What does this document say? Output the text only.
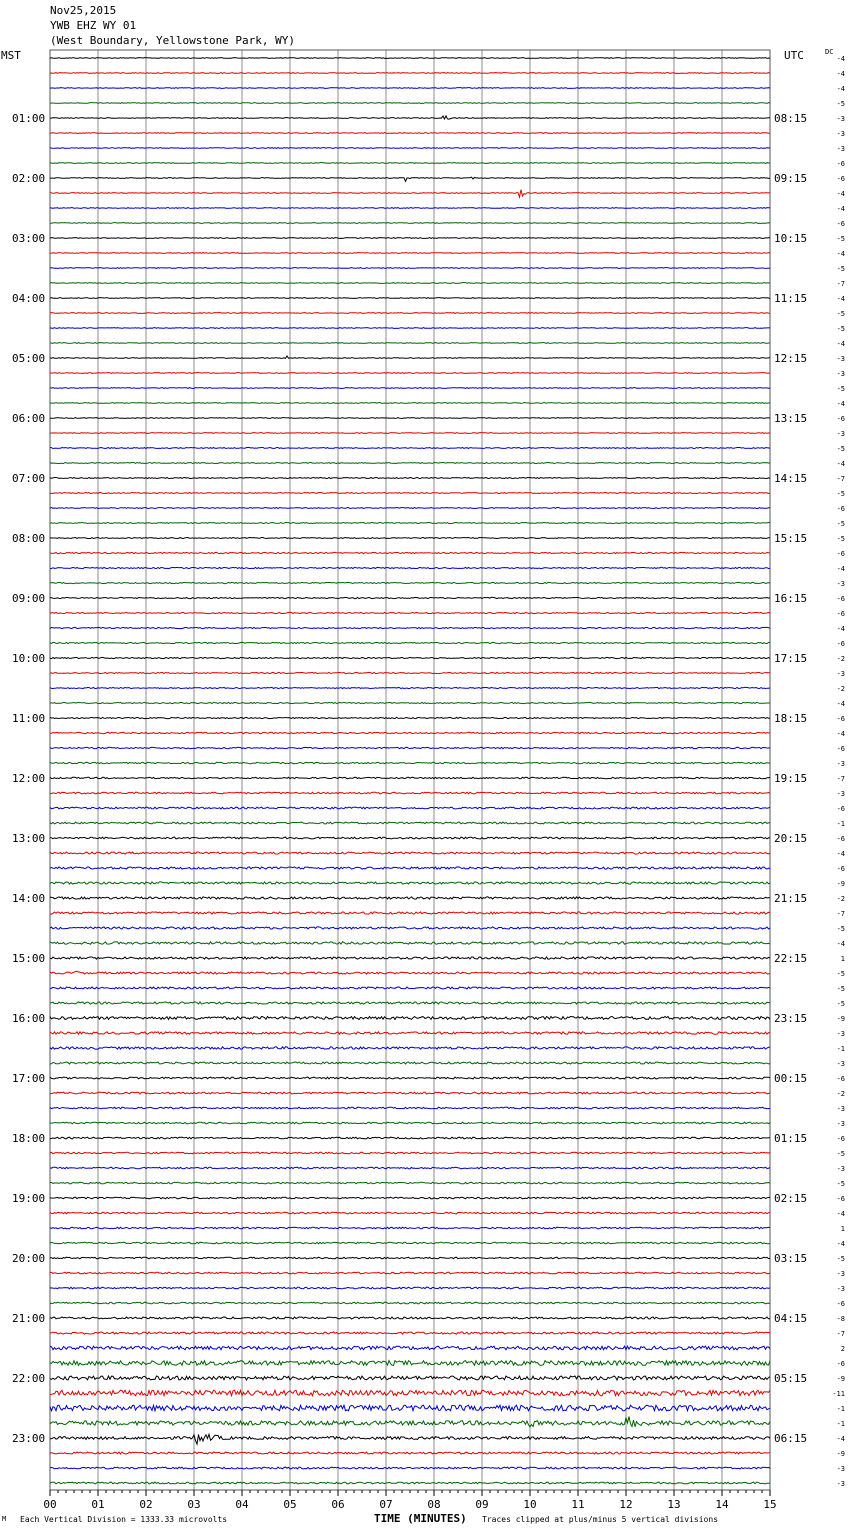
00	01	02	03	04	05	06	07	08	09	10	11	12	13	14	15
01:00
02:00
03:00
04:00
05:00
06:00
07:00
08:00
09:00
10:00
11:00
12:00
13:00
14:00
15:00
16:00
17:00
18:00
19:00
20:00
21:00
22:00
23:00
08:15
09:15
10:15
11:15
12:15
13:15
14:15
15:15
16:15
17:15
18:15
19:15
20:15
21:15
22:15
23:15
00:15
01:15
02:15
03:15
04:15
05:15
06:15
-4
-4
-4
-5
-3
-3
-3
-6
-6
-4
-4
-6
-5
-4
-5
-7
-4
-5
-5
-4
-3
-3
-5
-4
-6
-3
-5
-4
-7
-5
-6
-5
-5
-6
-4
-3
-6
-6
-4
-6
-2
-3
-2
-4
-6
-4
-6
-3
-7
-3
-6
-1
-6
-4
-6
-9
-2
-7
-5
-4
1
-5
-5
-5
-9
-3
-1
-3
-6
-2
-3
-3
-6
-5
-3
-5
-6
-4
1
-4
-5
-3
-3
-6
-8
-7
2
-6
-9
-11
-1
-1
-4
-9
-3
-3
Nov25,2015
YWB EHZ WY 01
(West Boundary, Yellowstone Park, WY)
MST	UTC	DC
M Each Vertical Division = 1333.33 microvolts	TIME (MINUTES) Traces clipped at plus/minus 5 vertical divisions
